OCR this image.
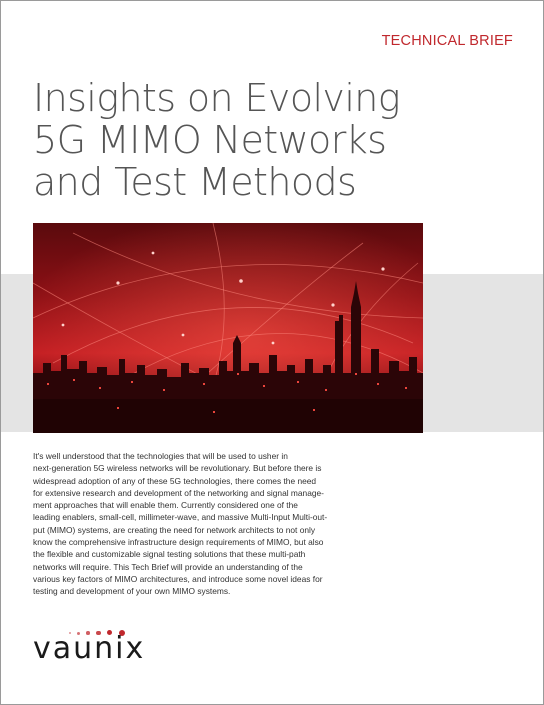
TECHNICAL BRIEF
Insights on Evolving
5G MIMO Networks
and Test Methods
It's well understood that the technologies that will be used to usher in
next-generation 5G wireless networks will be revolutionary. But before there is
widespread adoption of any of these 5G technologies, there comes the need
for extensive research and development of the networking and signal manage-
ment approaches that will enable them. Currently considered one of the
leading enablers, small-cell, millimeter-wave, and massive Multi-Input Multi-out-
put (MIMO) systems, are creating the need for network architects to not only
know the comprehensive infrastructure design requirements of MIMO, but also
the flexible and customizable signal testing solutions that these multi-path
networks will require. This Tech Brief will provide an understanding of the
various key factors of MIMO architectures, and introduce some novel ideas for
testing and development of your own MIMO systems.
vaunix
